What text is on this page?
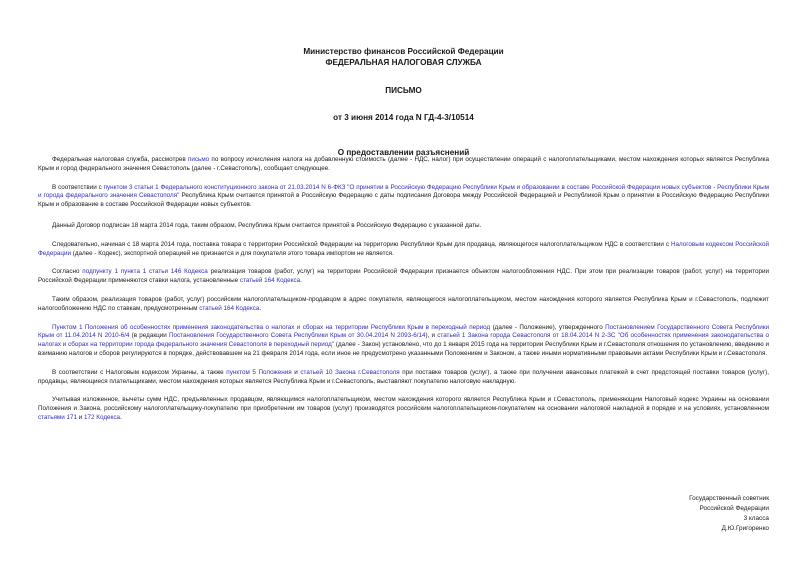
Министерство финансов Российской Федерации
ФЕДЕРАЛЬНАЯ НАЛОГОВАЯ СЛУЖБА
ПИСЬМО
от 3 июня 2014 года N ГД-4-3/10514
О предоставлении разъяснений

Федеральная налоговая служба, рассмотрев письмо по вопросу исчисления налога на добавленную стоимость (далее - НДС, налог) при осуществлении операций с налогоплательщиками, местом нахождения которых является Республика Крым и город федерального значения Севастополь (далее - г.Севастополь), сообщает следующее.

В соответствии с пунктом 3 статьи 1 Федерального конституционного закона от 21.03.2014 N 6-ФКЗ "О принятии в Российскую Федерацию Республики Крым и образовании в составе Российской Федерации новых субъектов - Республики Крым и города федерального значения Севастополя" Республика Крым считается принятой в Российскую Федерацию с даты подписания Договора между Российской Федерацией и Республикой Крым о принятии в Российскую Федерацию Республики Крым и образование в составе Российской Федерации новых субъектов.

Данный Договор подписан 18 марта 2014 года, таким образом, Республика Крым считается принятой в Российскую Федерацию с указанной даты.

Следовательно, начиная с 18 марта 2014 года, поставка товара с территории Российской Федерации на территорию Республики Крым для продавца, являющегося налогоплательщиком НДС в соответствии с Налоговым кодексом Российской Федерации (далее - Кодекс), экспортной операцией не признается и для покупателя этого товара импортом не является.

Согласно подпункту 1 пункта 1 статьи 146 Кодекса реализация товаров (работ, услуг) на территории Российской Федерации признается объектом налогообложения НДС. При этом при реализации товаров (работ, услуг) на территории Российской Федерации применяются ставки налога, установленные статьей 164 Кодекса.

Таким образом, реализация товаров (работ, услуг) российским налогоплательщиком-продавцом в адрес покупателя, являющегося налогоплательщиком, местом нахождения которого является Республика Крым и г.Севастополь, подлежит налогообложению НДС по ставкам, предусмотренным статьей 164 Кодекса.

Пунктом 1 Положения об особенностях применения законодательства о налогах и сборах на территории Республики Крым в переходный период (далее - Положение), утвержденного Постановлением Государственного Совета Республики Крым от 11.04.2014 N 2010-6/4 (в редакции Постановления Государственного Совета Республики Крым от 30.04.2014 N 2093-6/14), и статьей 1 Закона города Севастополя от 18.04.2014 N 2-ЗС "Об особенностях применения законодательства о налогах и сборах на территории города федерального значения Севастополя в переходный период" (далее - Закон) установлено, что до 1 января 2015 года на территории Республики Крым и г.Севастополя отношения по установлению, введению и взиманию налогов и сборов регулируются в порядке, действовавшем на 21 февраля 2014 года, если иное не предусмотрено указанными Положением и Законом, а также иными нормативными правовыми актами Республики Крым и г.Севастополя.

В соответствии с Налоговым кодексом Украины, а также пунктом 5 Положения и статьей 10 Закона г.Севастополя при поставке товаров (услуг), а также при получении авансовых платежей в счет предстоящей поставки товаров (услуг), продавцы, являющиеся плательщиками, местом нахождения которых является Республика Крым и г.Севастополь, выставляют покупателю налоговую накладную.

Учитывая изложенное, вычеты сумм НДС, предъявленных продавцом, являющимся налогоплательщиком, местом нахождения которого является Республика Крым и г.Севастополь, применяющим Налоговый кодекс Украины на основании Положения и Закона, российскому налогоплательщику-покупателю при приобретении им товаров (услуг) производятся российским налогоплательщиком-покупателем на основании налоговой накладной в порядке и на условиях, установленном статьями 171 и 172 Кодекса.

Государственный советник
Российской Федерации
3 класса
Д.Ю.Григоренко
